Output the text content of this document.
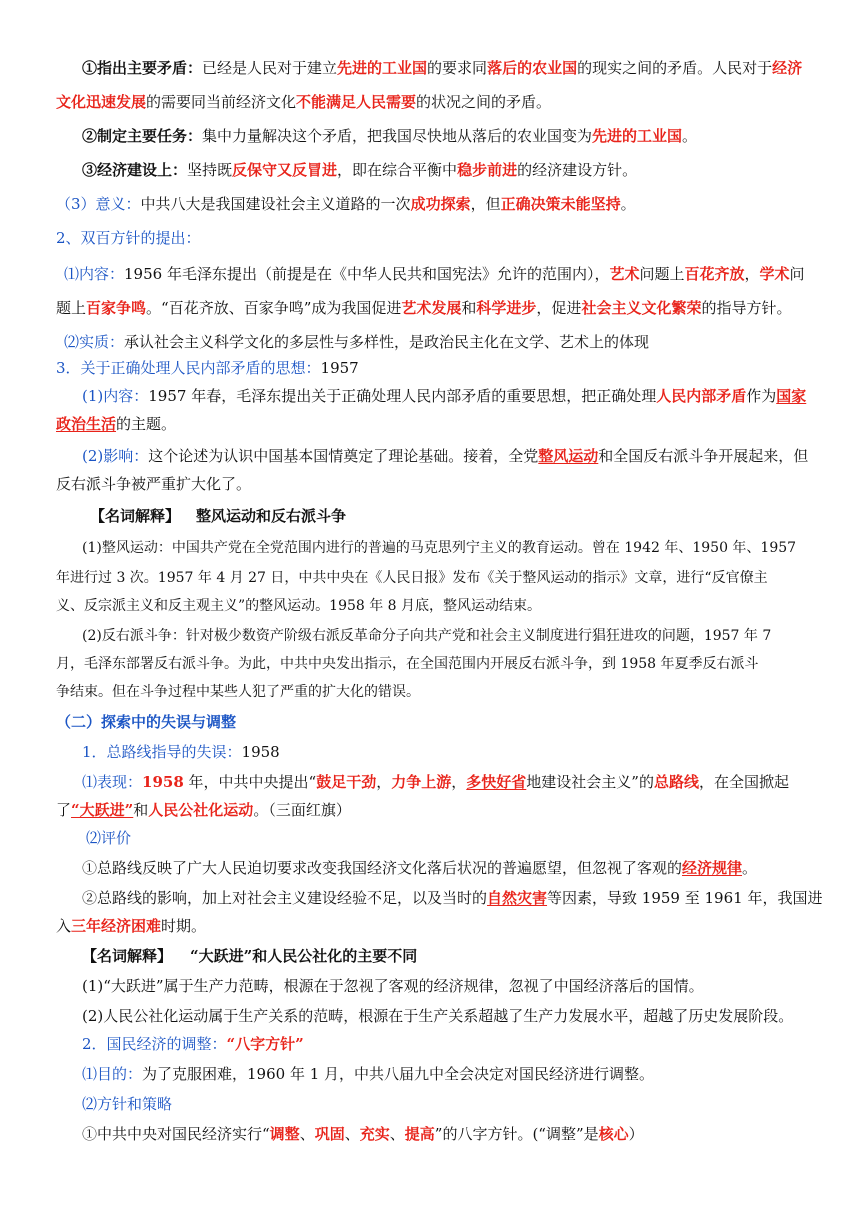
①指出主要矛盾：已经是人民对于建立先进的工业国的要求同落后的农业国的现实之间的矛盾。人民对于经济
文化迅速发展的需要同当前经济文化不能满足人民需要的状况之间的矛盾。
②制定主要任务：集中力量解决这个矛盾，把我国尽快地从落后的农业国变为先进的工业国。
③经济建设上：坚持既反保守又反冒进，即在综合平衡中稳步前进的经济建设方针。
（3）意义：中共八大是我国建设社会主义道路的一次成功探索，但正确决策未能坚持。
2、双百方针的提出：
⑴内容：1956 年毛泽东提出（前提是在《中华人民共和国宪法》允许的范围内），艺术问题上百花齐放，学术问
题上百家争鸣。“百花齐放、百家争鸣”成为我国促进艺术发展和科学进步，促进社会主义文化繁荣的指导方针。
⑵实质：承认社会主义科学文化的多层性与多样性，是政治民主化在文学、艺术上的体现
3．关于正确处理人民内部矛盾的思想：1957
(1)内容：1957 年春，毛泽东提出关于正确处理人民内部矛盾的重要思想，把正确处理人民内部矛盾作为国家
政治生活的主题。
(2)影响：这个论述为认识中国基本国情奠定了理论基础。接着，全党整风运动和全国反右派斗争开展起来，但
反右派斗争被严重扩大化了。
【名词解释】 整风运动和反右派斗争
(1)整风运动：中国共产党在全党范围内进行的普遍的马克思列宁主义的教育运动。曾在 1942 年、1950 年、1957
年进行过 3 次。1957 年 4 月 27 日，中共中央在《人民日报》发布《关于整风运动的指示》文章，进行“反官僚主
义、反宗派主义和反主观主义”的整风运动。1958 年 8 月底，整风运动结束。
(2)反右派斗争：针对极少数资产阶级右派反革命分子向共产党和社会主义制度进行猖狂进攻的问题，1957 年 7
月，毛泽东部署反右派斗争。为此，中共中央发出指示，在全国范围内开展反右派斗争，到 1958 年夏季反右派斗
争结束。但在斗争过程中某些人犯了严重的扩大化的错误。
（二）探索中的失误与调整
1．总路线指导的失误：1958
⑴表现：1958 年，中共中央提出“鼓足干劲，力争上游，多快好省地建设社会主义”的总路线，在全国掀起
了“大跃进”和人民公社化运动。（三面红旗）
⑵评价
①总路线反映了广大人民迫切要求改变我国经济文化落后状况的普遍愿望，但忽视了客观的经济规律。
②总路线的影响，加上对社会主义建设经验不足，以及当时的自然灾害等因素，导致 1959 至 1961 年，我国进
入三年经济困难时期。
【名词解释】 “大跃进”和人民公社化的主要不同
(1)“大跃进”属于生产力范畴，根源在于忽视了客观的经济规律，忽视了中国经济落后的国情。
(2)人民公社化运动属于生产关系的范畴，根源在于生产关系超越了生产力发展水平，超越了历史发展阶段。
2．国民经济的调整：“八字方针”
⑴目的：为了克服困难，1960 年 1 月，中共八届九中全会决定对国民经济进行调整。
⑵方针和策略
①中共中央对国民经济实行“调整、巩固、充实、提高”的八字方针。(“调整”是核心）
